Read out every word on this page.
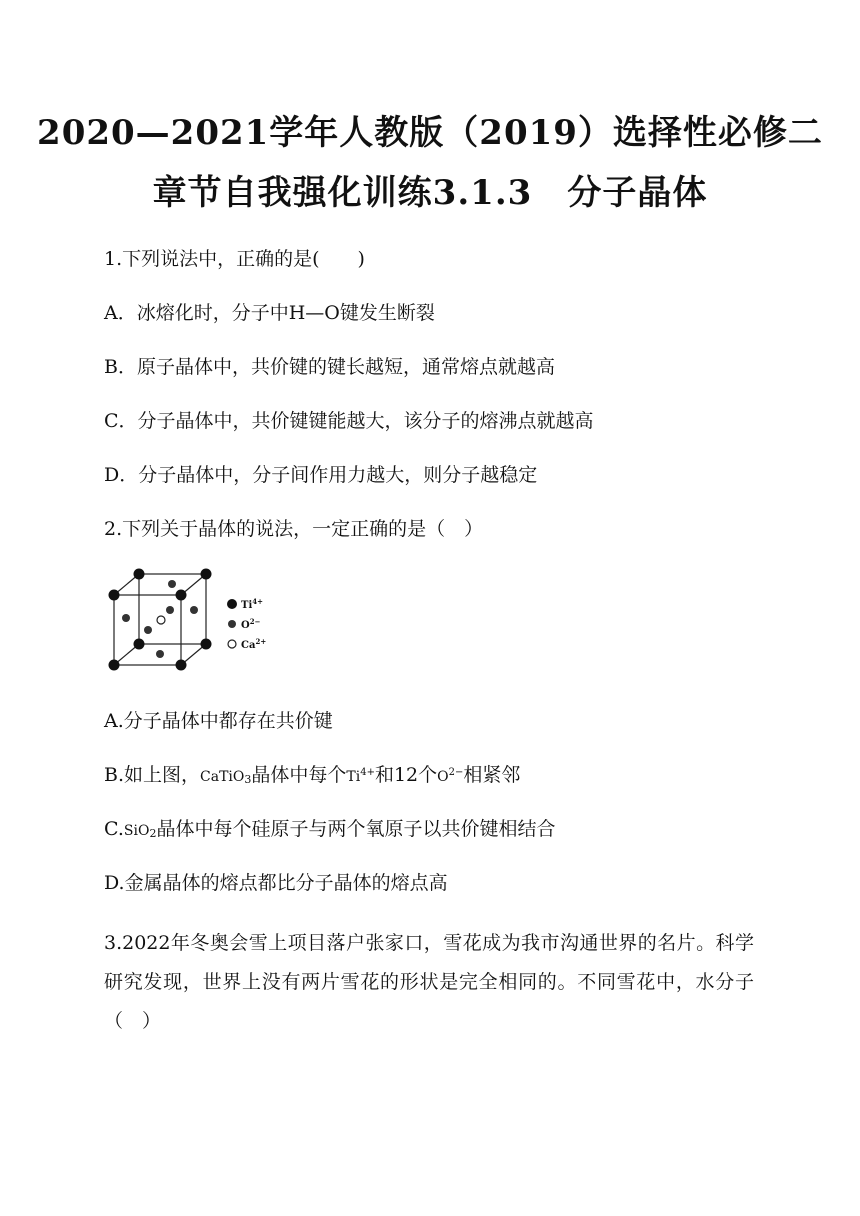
2020—2021学年人教版（2019）选择性必修二
章节自我强化训练3.1.3　分子晶体
1.下列说法中，正确的是(　　)
A．冰熔化时，分子中H—O键发生断裂
B．原子晶体中，共价键的键长越短，通常熔点就越高
C．分子晶体中，共价键键能越大，该分子的熔沸点就越高
D．分子晶体中，分子间作用力越大，则分子越稳定
2.下列关于晶体的说法，一定正确的是（　）
$Ti^{4+}$
$O^{2-}$
$Ca^{2+}$
A.分子晶体中都存在共价键
B.如上图，CaTiO3晶体中每个$Ti^{4+}$和12个$O^{2-}$相紧邻
C.SiO2晶体中每个硅原子与两个氧原子以共价键相结合
D.金属晶体的熔点都比分子晶体的熔点高
3.2022年冬奥会雪上项目落户张家口，雪花成为我市沟通世界的名片。科学研究发现，世界上没有两片雪花的形状是完全相同的。不同雪花中，水分子（　）
